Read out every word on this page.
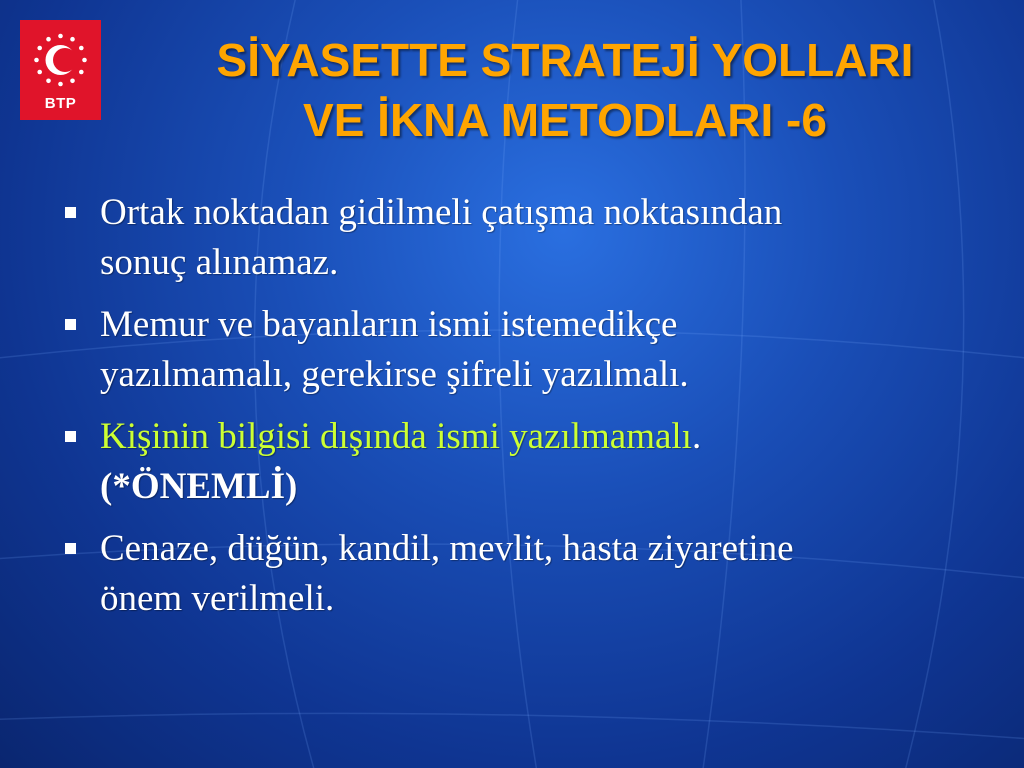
BTP
SİYASETTE STRATEJİ YOLLARI
VE İKNA METODLARI -6
Ortak noktadan gidilmeli çatışma noktasından
sonuç alınamaz.
Memur ve bayanların ismi istemedikçe
yazılmamalı, gerekirse şifreli yazılmalı.
Kişinin bilgisi dışında ismi yazılmamalı.
(*ÖNEMLİ)
Cenaze, düğün, kandil, mevlit, hasta ziyaretine
önem verilmeli.
